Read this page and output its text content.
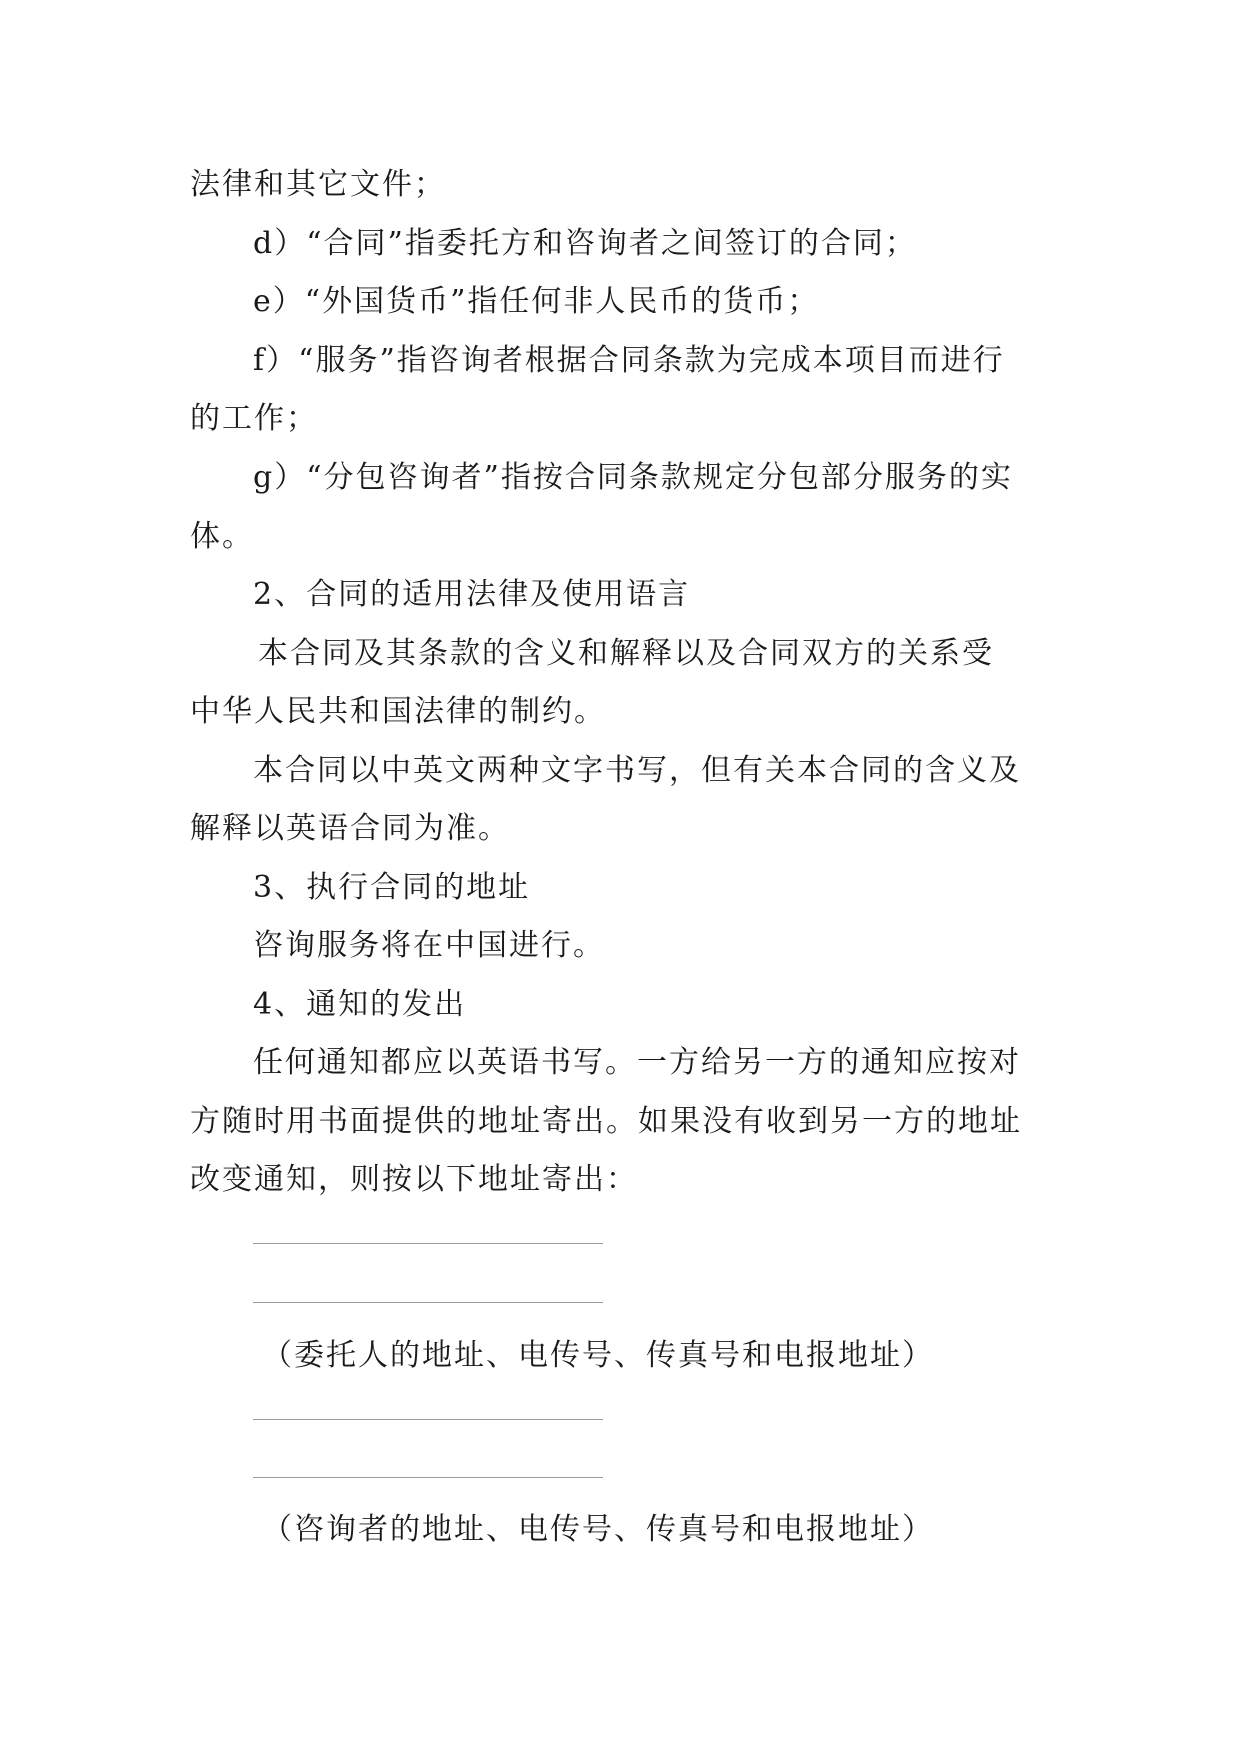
法律和其它文件；
d）“合同”指委托方和咨询者之间签订的合同；
e）“外国货币”指任何非人民币的货币；
f）“服务”指咨询者根据合同条款为完成本项目而进行
的工作；
g）“分包咨询者”指按合同条款规定分包部分服务的实
体。
2、合同的适用法律及使用语言
本合同及其条款的含义和解释以及合同双方的关系受
中华人民共和国法律的制约。
本合同以中英文两种文字书写，但有关本合同的含义及
解释以英语合同为准。
3、执行合同的地址
咨询服务将在中国进行。
4、通知的发出
任何通知都应以英语书写。一方给另一方的通知应按对
方随时用书面提供的地址寄出。如果没有收到另一方的地址
改变通知，则按以下地址寄出：
（委托人的地址、电传号、传真号和电报地址）
（咨询者的地址、电传号、传真号和电报地址）
